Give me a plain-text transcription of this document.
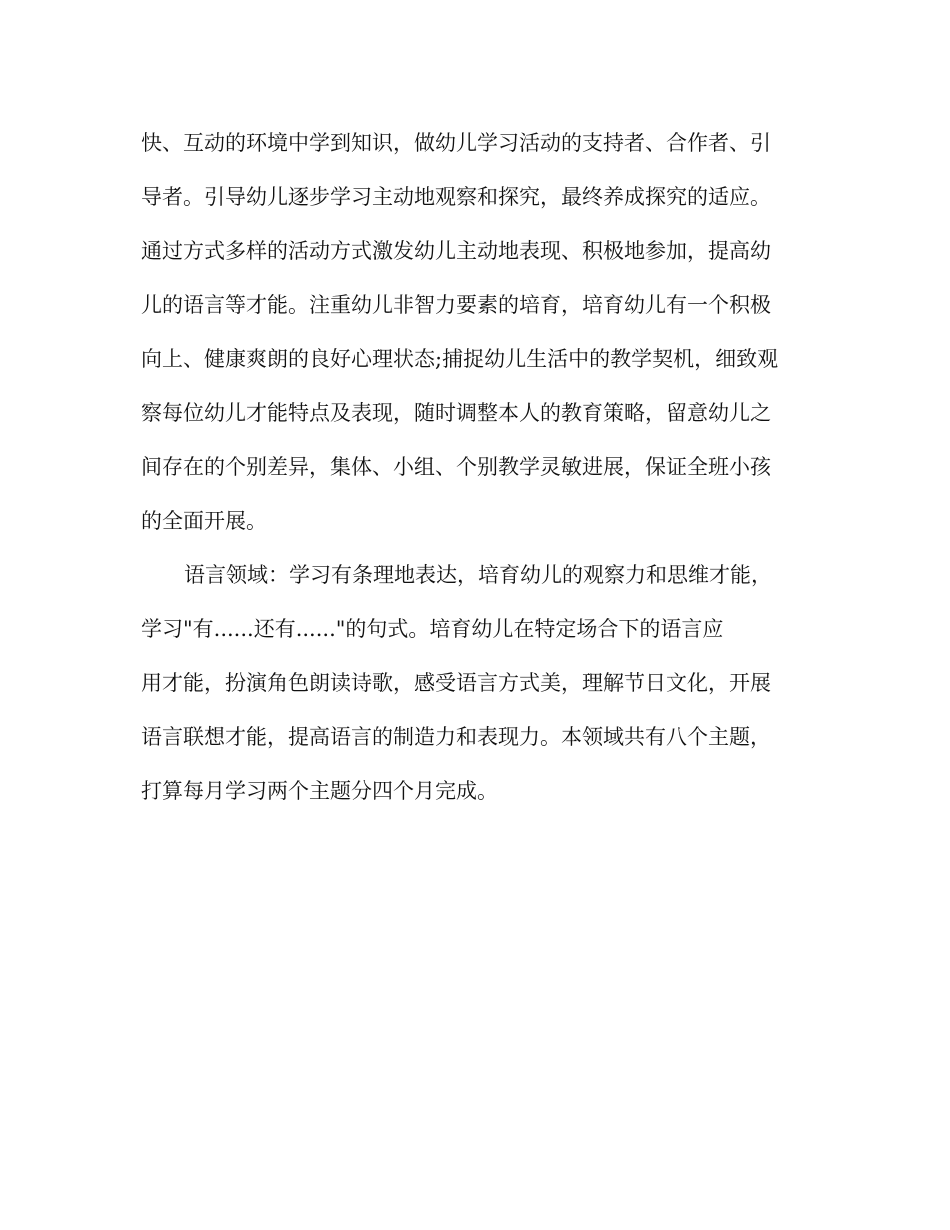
快、互动的环境中学到知识，做幼儿学习活动的支持者、合作者、引

导者。引导幼儿逐步学习主动地观察和探究，最终养成探究的适应。

通过方式多样的活动方式激发幼儿主动地表现、积极地参加，提高幼

儿的语言等才能。注重幼儿非智力要素的培育，培育幼儿有一个积极

向上、健康爽朗的良好心理状态;捕捉幼儿生活中的教学契机，细致观

察每位幼儿才能特点及表现，随时调整本人的教育策略，留意幼儿之

间存在的个别差异，集体、小组、个别教学灵敏进展，保证全班小孩

的全面开展。

语言领域：学习有条理地表达，培育幼儿的观察力和思维才能，

学习"有......还有......"的句式。培育幼儿在特定场合下的语言应

用才能，扮演角色朗读诗歌，感受语言方式美，理解节日文化，开展

语言联想才能，提高语言的制造力和表现力。本领域共有八个主题，

打算每月学习两个主题分四个月完成。
